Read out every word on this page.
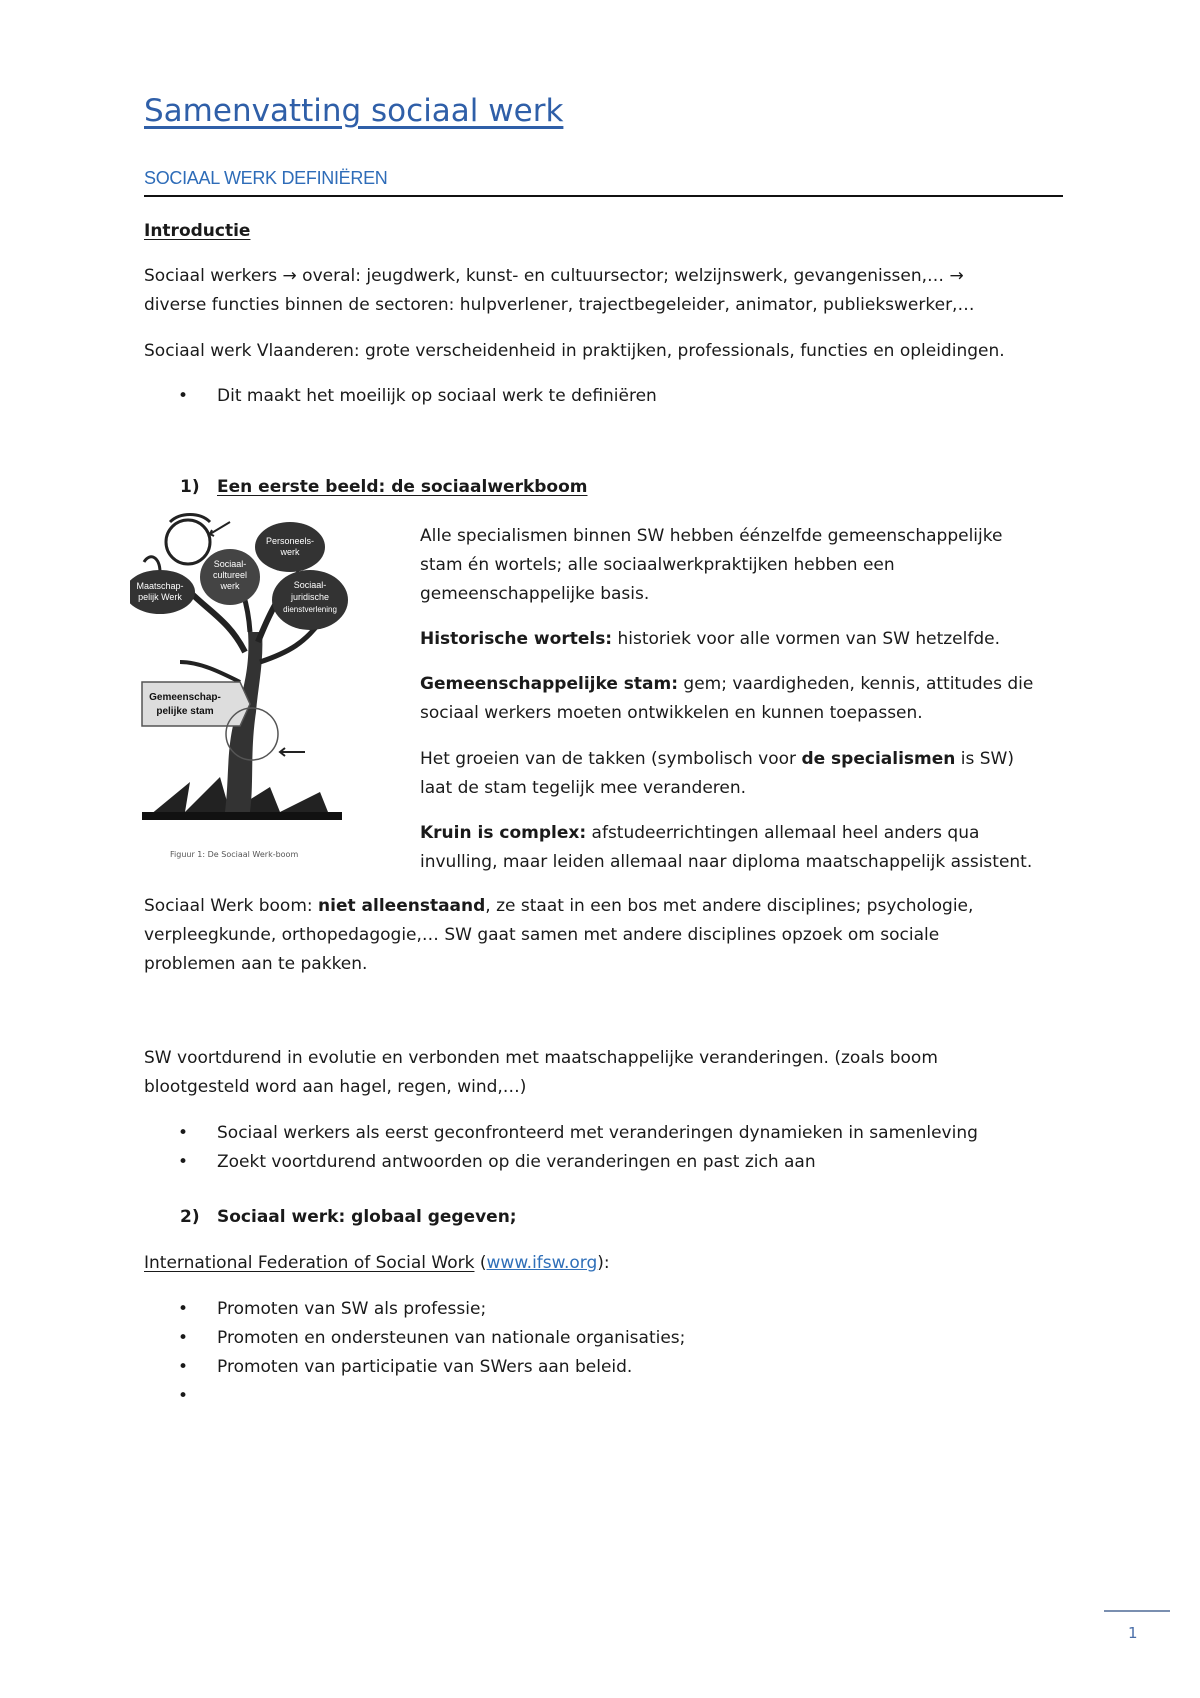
Samenvatting sociaal werk
SOCIAAL WERK DEFINIËREN
Introductie
Sociaal werkers → overal: jeugdwerk, kunst- en cultuursector; welzijnswerk, gevangenissen,… →
diverse functies binnen de sectoren: hulpverlener, trajectbegeleider, animator, publiekswerker,…
Sociaal werk Vlaanderen: grote verscheidenheid in praktijken, professionals, functies en opleidingen.
• Dit maakt het moeilijk op sociaal werk te definiëren
1) Een eerste beeld: de sociaalwerkboom
Personeels-
werk
Sociaal-
cultureel
werk
Maatschap-
pelijk Werk
Sociaal-
juridische
dienstverlening
Gemeenschap-
pelijke stam
Figuur 1: De Sociaal Werk-boom
Alle specialismen binnen SW hebben éénzelfde gemeenschappelijke
stam én wortels; alle sociaalwerkpraktijken hebben een
gemeenschappelijke basis.
Historische wortels: historiek voor alle vormen van SW hetzelfde.
Gemeenschappelijke stam: gem; vaardigheden, kennis, attitudes die
sociaal werkers moeten ontwikkelen en kunnen toepassen.
Het groeien van de takken (symbolisch voor de specialismen is SW)
laat de stam tegelijk mee veranderen.
Kruin is complex: afstudeerrichtingen allemaal heel anders qua
invulling, maar leiden allemaal naar diploma maatschappelijk assistent.
Sociaal Werk boom: niet alleenstaand, ze staat in een bos met andere disciplines; psychologie,
verpleegkunde, orthopedagogie,… SW gaat samen met andere disciplines opzoek om sociale
problemen aan te pakken.
SW voortdurend in evolutie en verbonden met maatschappelijke veranderingen. (zoals boom
blootgesteld word aan hagel, regen, wind,…)
• Sociaal werkers als eerst geconfronteerd met veranderingen dynamieken in samenleving
• Zoekt voortdurend antwoorden op die veranderingen en past zich aan
2) Sociaal werk: globaal gegeven;
International Federation of Social Work (www.ifsw.org):
• Promoten van SW als professie;
• Promoten en ondersteunen van nationale organisaties;
• Promoten van participatie van SWers aan beleid.
•
1
